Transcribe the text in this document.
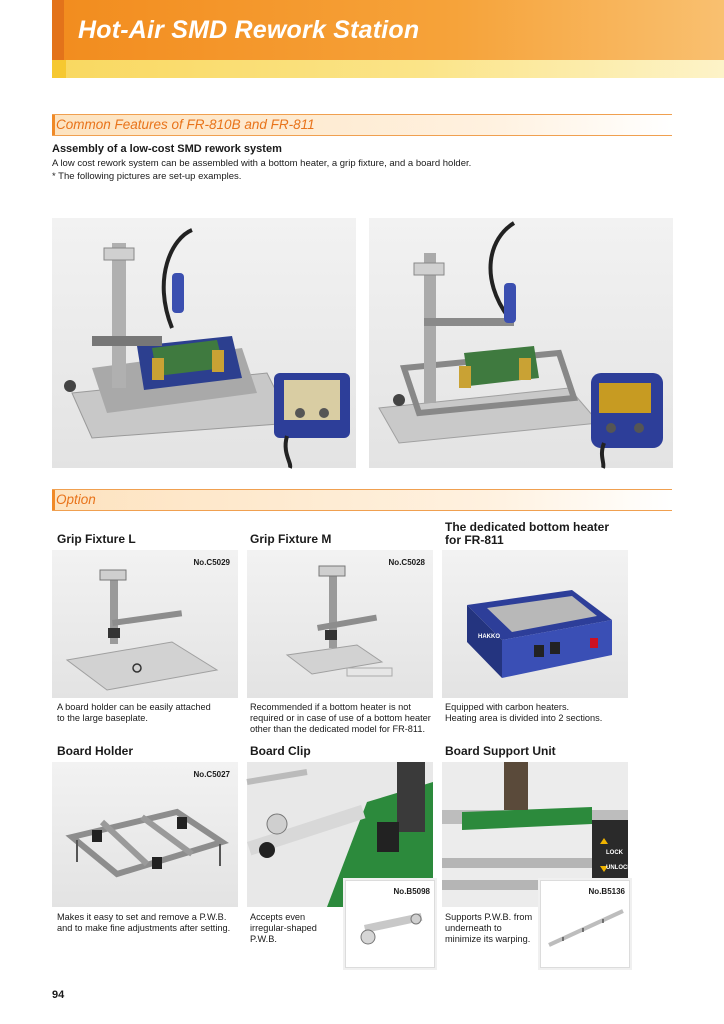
Hot-Air SMD Rework Station
Common Features of FR-810B and FR-811
Assembly of a low-cost SMD rework system
A low cost rework system can be assembled with a bottom heater, a grip fixture, and a board holder.
* The following pictures are set-up examples.
Option
Grip Fixture L	Grip Fixture M
The dedicated bottom heater
for FR-811
No.C5029	No.C5028
HAKKO
A board holder can be easily attached
to the large baseplate.
Recommended if a bottom heater is not
required or in case of use of a bottom heater
other than the dedicated model for FR-811.
Equipped with carbon heaters.
Heating area is divided into 2 sections.
Board Holder	Board Clip	Board Support Unit
No.C5027
LOCK
UNLOCK
No.B5098	No.B5136
Makes it easy to set and remove a P.W.B.
and to make fine adjustments after setting.
Accepts even
irregular-shaped
P.W.B.
Supports P.W.B. from
underneath to
minimize its warping.
94
